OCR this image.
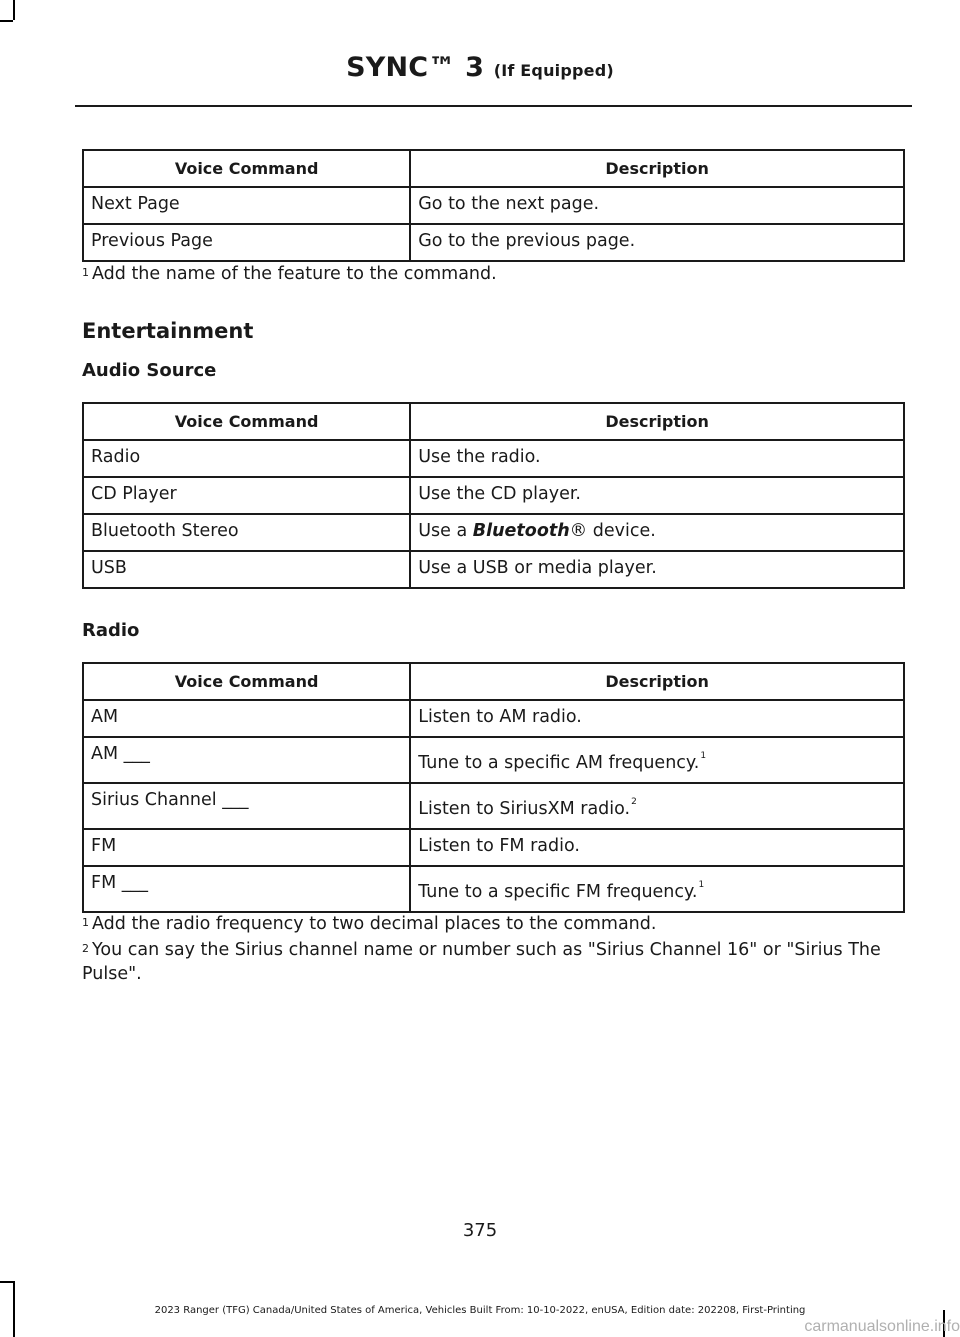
SYNC™ 3 (If Equipped)
Voice Command	Description
Next Page	Go to the next page.
Previous Page	Go to the previous page.
$^1$ Add the name of the feature to the command.
Entertainment
Audio Source
Voice Command	Description
Radio	Use the radio.
CD Player	Use the CD player.
Bluetooth Stereo	Use a Bluetooth® device.
USB	Use a USB or media player.
Radio
Voice Command	Description
AM	Listen to AM radio.
AM ___	Tune to a specific AM frequency.$^1$
Sirius Channel ___	Listen to SiriusXM radio.$^2$
FM	Listen to FM radio.
FM ___	Tune to a specific FM frequency.$^1$
$^1$ Add the radio frequency to two decimal places to the command.
$^2$ You can say the Sirius channel name or number such as "Sirius Channel 16" or "Sirius The Pulse".
375
2023 Ranger (TFG) Canada/United States of America, Vehicles Built From: 10-10-2022, enUSA, Edition date: 202208, First-Printing
carmanualsonline.info
